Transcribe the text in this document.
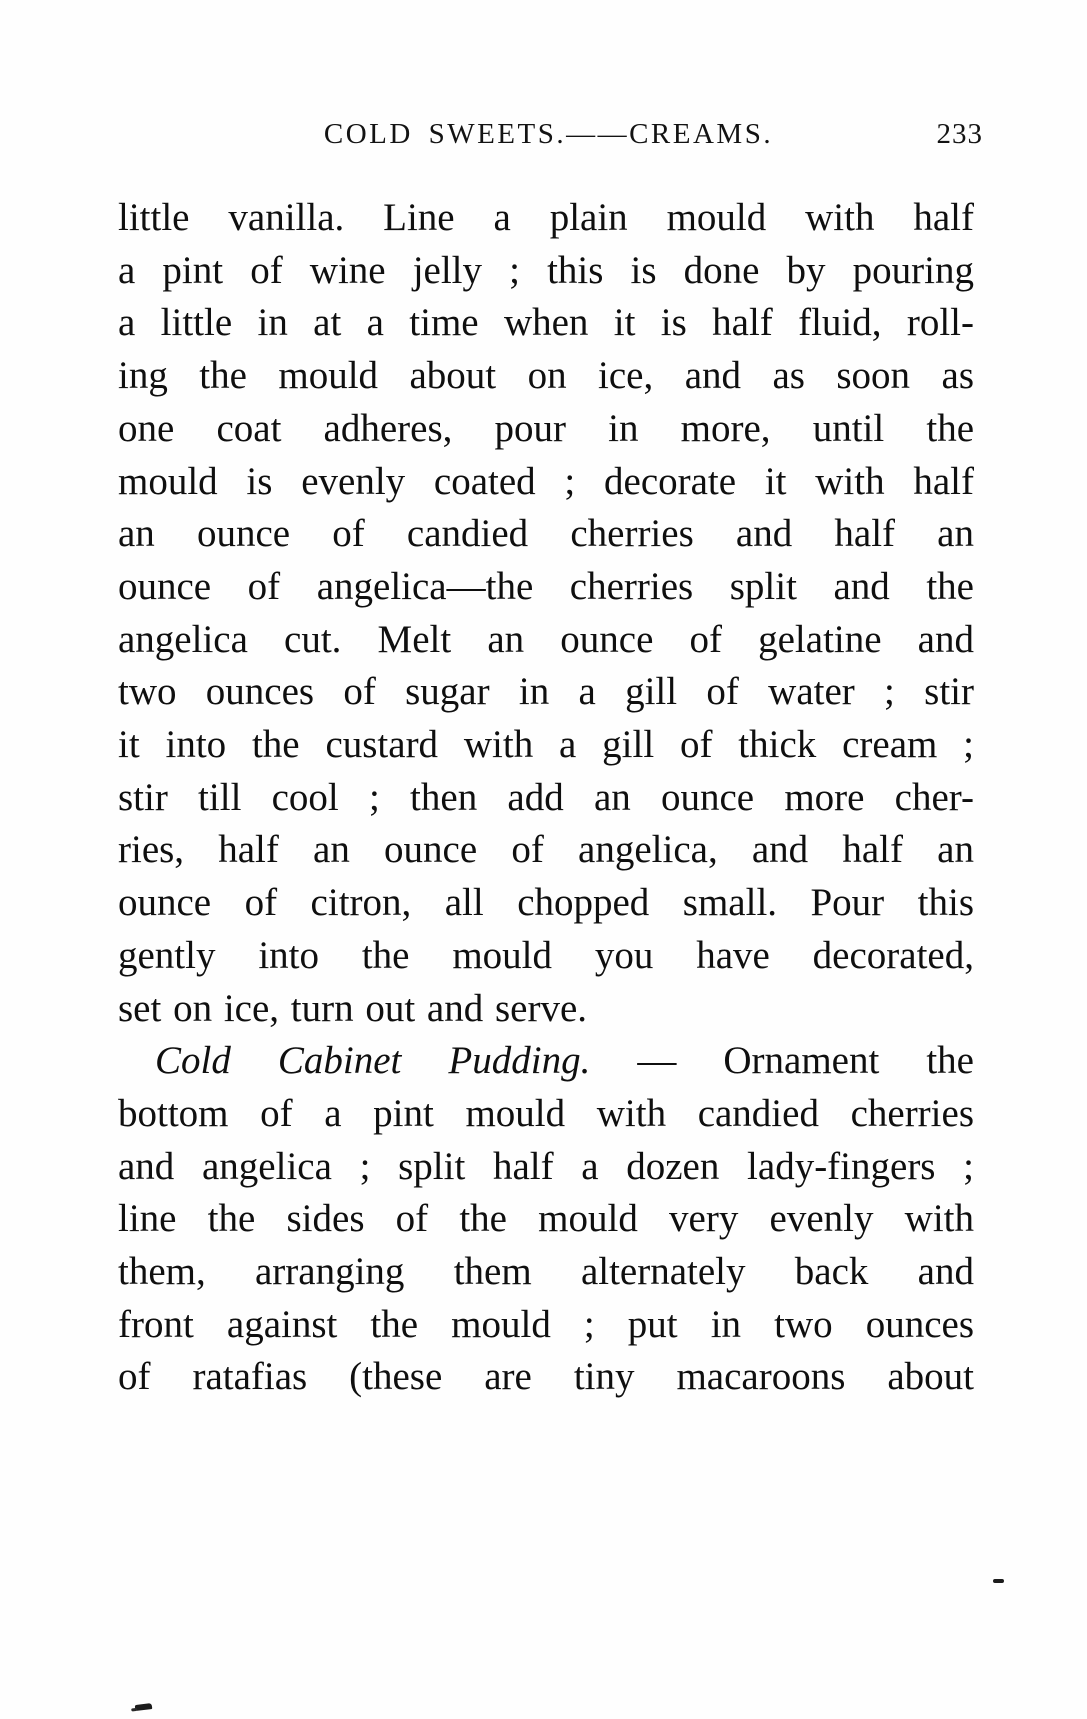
COLD SWEETS.——CREAMS.	233
little vanilla. Line a plain mould with half
a pint of wine jelly ; this is done by pouring
a little in at a time when it is half fluid, roll-
ing the mould about on ice, and as soon as
one coat adheres, pour in more, until the
mould is evenly coated ; decorate it with half
an ounce of candied cherries and half an
ounce of angelica—the cherries split and the
angelica cut. Melt an ounce of gelatine and
two ounces of sugar in a gill of water ; stir
it into the custard with a gill of thick cream ;
stir till cool ; then add an ounce more cher-
ries, half an ounce of angelica, and half an
ounce of citron, all chopped small. Pour this
gently into the mould you have decorated,
set on ice, turn out and serve.
Cold Cabinet Pudding. — Ornament the
bottom of a pint mould with candied cherries
and angelica ; split half a dozen lady-fingers ;
line the sides of the mould very evenly with
them, arranging them alternately back and
front against the mould ; put in two ounces
of ratafias (these are tiny macaroons about
